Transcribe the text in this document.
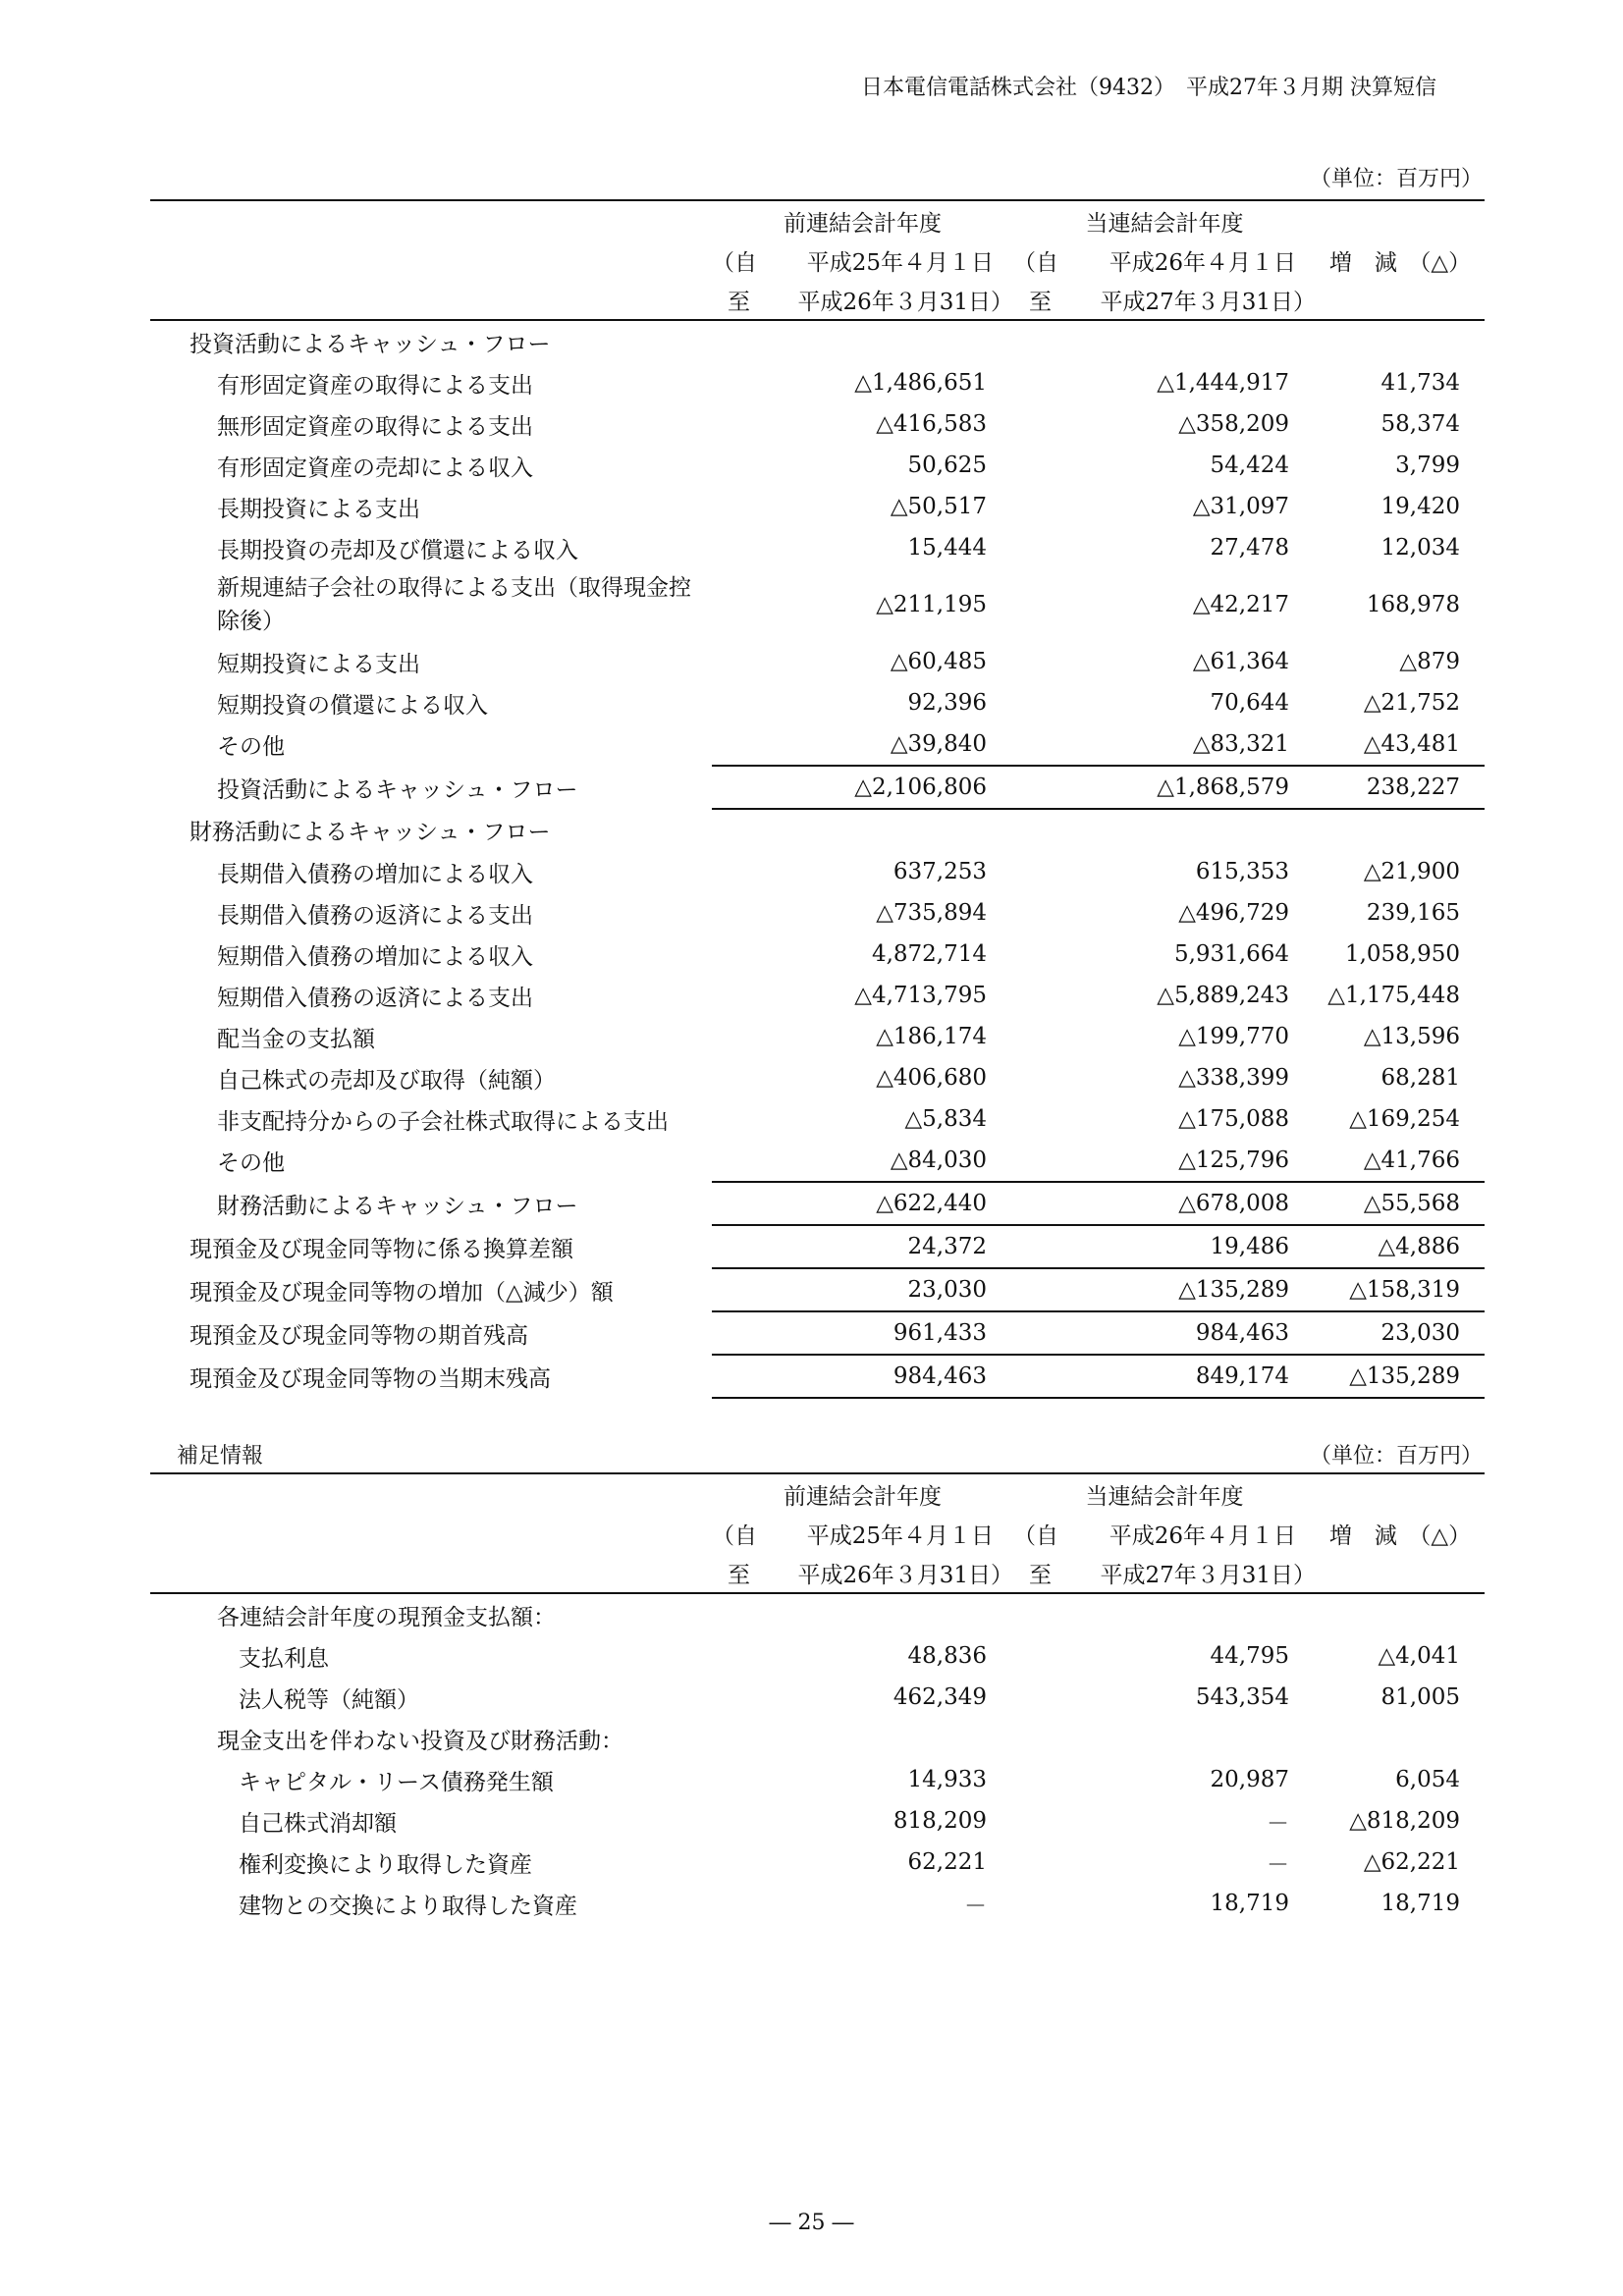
日本電信電話株式会社（9432）　平成27年３月期 決算短信
（単位：百万円）
	前連結会計年度	当連結会計年度	

	（自 平成25年４月１日	（自 平成26年４月１日	増　減　（△）

	至 平成26年３月31日）	至 平成27年３月31日）	

投資活動によるキャッシュ・フロー			
有形固定資産の取得による支出	△1,486,651	△1,444,917	41,734
無形固定資産の取得による支出	△416,583	△358,209	58,374
有形固定資産の売却による収入	50,625	54,424	3,799
長期投資による支出	△50,517	△31,097	19,420
長期投資の売却及び償還による収入	15,444	27,478	12,034
新規連結子会社の取得による支出（取得現金控除後）	△211,195	△42,217	168,978
短期投資による支出	△60,485	△61,364	△879
短期投資の償還による収入	92,396	70,644	△21,752
その他	△39,840	△83,321	△43,481
投資活動によるキャッシュ・フロー	△2,106,806	△1,868,579	238,227
財務活動によるキャッシュ・フロー			
長期借入債務の増加による収入	637,253	615,353	△21,900
長期借入債務の返済による支出	△735,894	△496,729	239,165
短期借入債務の増加による収入	4,872,714	5,931,664	1,058,950
短期借入債務の返済による支出	△4,713,795	△5,889,243	△1,175,448
配当金の支払額	△186,174	△199,770	△13,596
自己株式の売却及び取得（純額）	△406,680	△338,399	68,281
非支配持分からの子会社株式取得による支出	△5,834	△175,088	△169,254
その他	△84,030	△125,796	△41,766
財務活動によるキャッシュ・フロー	△622,440	△678,008	△55,568
現預金及び現金同等物に係る換算差額	24,372	19,486	△4,886
現預金及び現金同等物の増加（△減少）額	23,030	△135,289	△158,319
現預金及び現金同等物の期首残高	961,433	984,463	23,030
現預金及び現金同等物の当期末残高	984,463	849,174	△135,289
補足情報	（単位：百万円）
	前連結会計年度	当連結会計年度	

	（自 平成25年４月１日	（自 平成26年４月１日	増　減　（△）

	至 平成26年３月31日）	至 平成27年３月31日）	

各連結会計年度の現預金支払額：			
支払利息	48,836	44,795	△4,041
法人税等（純額）	462,349	543,354	81,005
現金支出を伴わない投資及び財務活動：			
キャピタル・リース債務発生額	14,933	20,987	6,054
自己株式消却額	818,209	－	△818,209
権利変換により取得した資産	62,221	－	△62,221
建物との交換により取得した資産	－	18,719	18,719
― 25 ―
